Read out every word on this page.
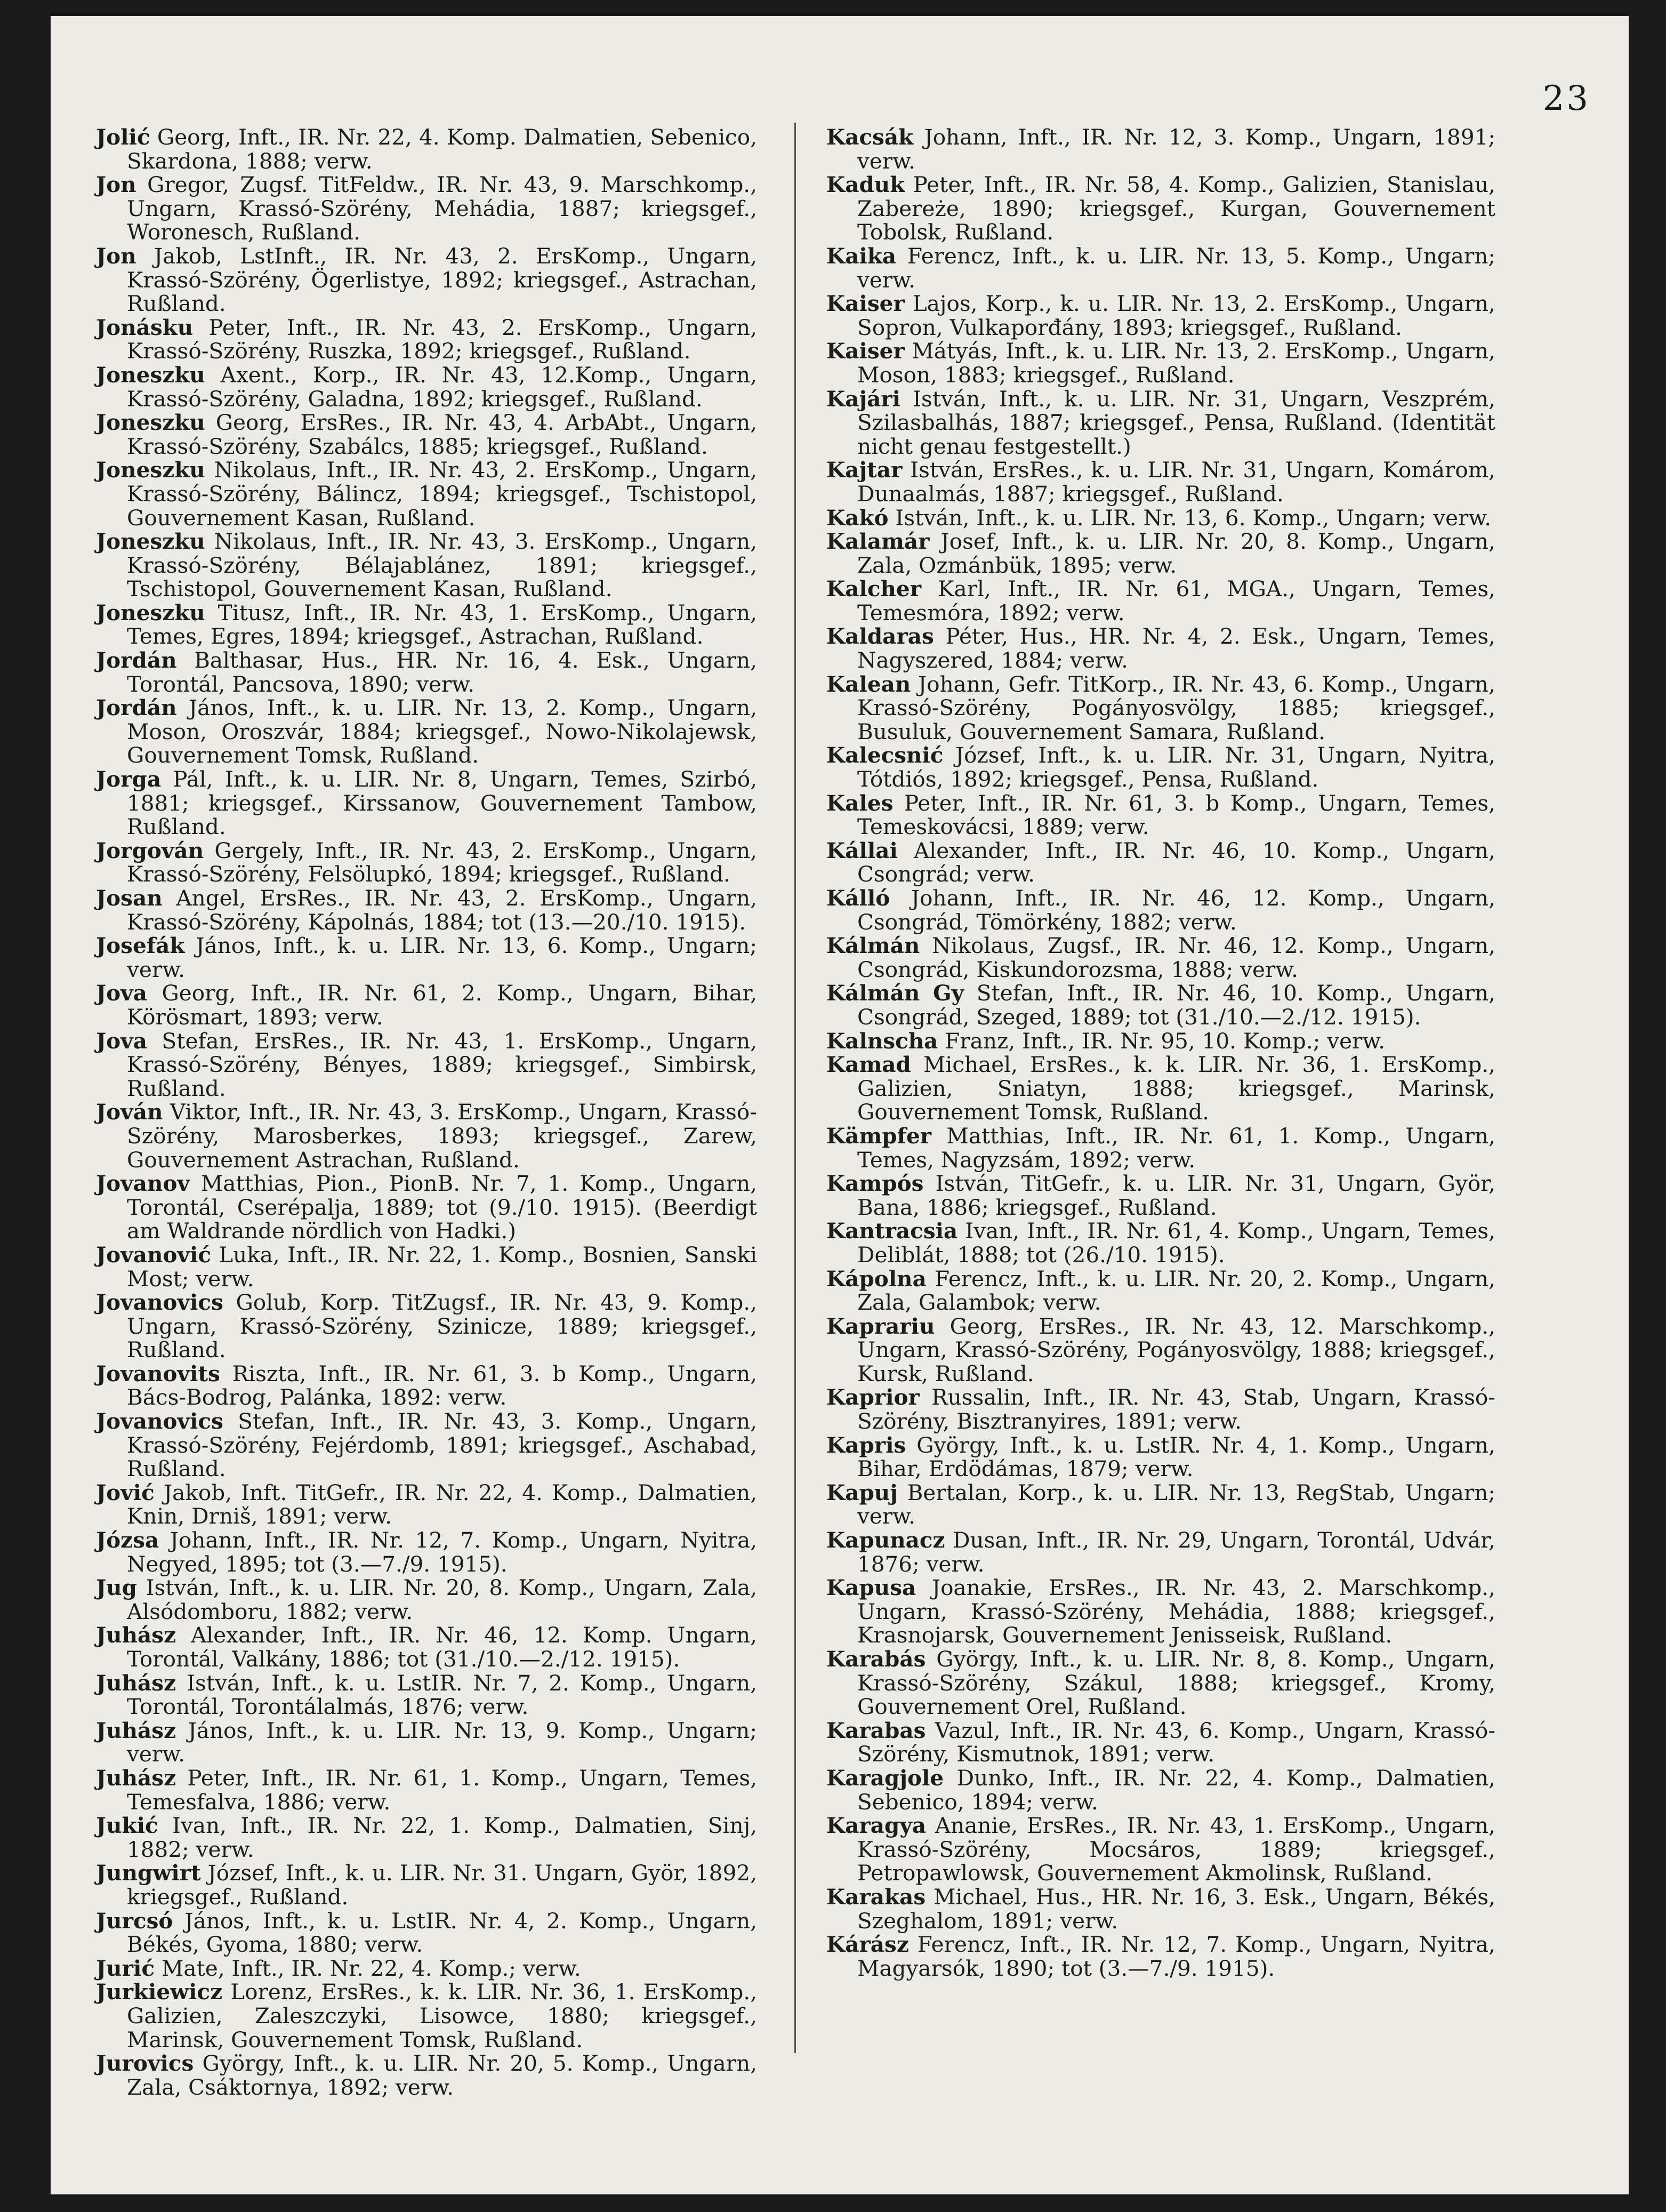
23

Jolić Georg, Inft., IR. Nr. 22, 4. Komp. Dalmatien, Sebenico, Skardona, 1888; verw.

Jon Gregor, Zugsf. TitFeldw., IR. Nr. 43, 9. Marschkomp., Ungarn, Krassó-Szörény, Mehádia, 1887; kriegsgef., Woronesch, Rußland.

Jon Jakob, LstInft., IR. Nr. 43, 2. ErsKomp., Ungarn, Krassó-Szörény, Ögerlistye, 1892; kriegsgef., Astrachan, Rußland.

Jonásku Peter, Inft., IR. Nr. 43, 2. ErsKomp., Ungarn, Krassó-Szörény, Ruszka, 1892; kriegsgef., Rußland.

Joneszku Axent., Korp., IR. Nr. 43, 12.Komp., Ungarn, Krassó-Szörény, Galadna, 1892; kriegsgef., Rußland.

Joneszku Georg, ErsRes., IR. Nr. 43, 4. ArbAbt., Ungarn, Krassó-Szörény, Szabálcs, 1885; kriegsgef., Rußland.

Joneszku Nikolaus, Inft., IR. Nr. 43, 2. ErsKomp., Ungarn, Krassó-Szörény, Bálincz, 1894; kriegsgef., Tschistopol, Gouvernement Kasan, Rußland.

Joneszku Nikolaus, Inft., IR. Nr. 43, 3. ErsKomp., Ungarn, Krassó-Szörény, Bélajablánez, 1891; kriegsgef., Tschistopol, Gouvernement Kasan, Rußland.

Joneszku Titusz, Inft., IR. Nr. 43, 1. ErsKomp., Ungarn, Temes, Egres, 1894; kriegsgef., Astrachan, Rußland.

Jordán Balthasar, Hus., HR. Nr. 16, 4. Esk., Ungarn, Torontál, Pancsova, 1890; verw.

Jordán János, Inft., k. u. LIR. Nr. 13, 2. Komp., Ungarn, Moson, Oroszvár, 1884; kriegsgef., Nowo-Nikolajewsk, Gouvernement Tomsk, Rußland.

Jorga Pál, Inft., k. u. LIR. Nr. 8, Ungarn, Temes, Szirbó, 1881; kriegsgef., Kirssanow, Gouvernement Tambow, Rußland.

Jorgován Gergely, Inft., IR. Nr. 43, 2. ErsKomp., Ungarn, Krassó-Szörény, Felsölupkó, 1894; kriegsgef., Rußland.

Josan Angel, ErsRes., IR. Nr. 43, 2. ErsKomp., Ungarn, Krassó-Szörény, Kápolnás, 1884; tot (13.—20./10. 1915).

Josefák János, Inft., k. u. LIR. Nr. 13, 6. Komp., Ungarn; verw.

Jova Georg, Inft., IR. Nr. 61, 2. Komp., Ungarn, Bihar, Körösmart, 1893; verw.

Jova Stefan, ErsRes., IR. Nr. 43, 1. ErsKomp., Ungarn, Krassó-Szörény, Bényes, 1889; kriegsgef., Simbirsk, Rußland.

Jován Viktor, Inft., IR. Nr. 43, 3. ErsKomp., Ungarn, Krassó-Szörény, Marosberkes, 1893; kriegsgef., Zarew, Gouvernement Astrachan, Rußland.

Jovanov Matthias, Pion., PionB. Nr. 7, 1. Komp., Ungarn, Torontál, Cserépalja, 1889; tot (9./10. 1915). (Beerdigt am Waldrande nördlich von Hadki.)

Jovanović Luka, Inft., IR. Nr. 22, 1. Komp., Bosnien, Sanski Most; verw.

Jovanovics Golub, Korp. TitZugsf., IR. Nr. 43, 9. Komp., Ungarn, Krassó-Szörény, Szinicze, 1889; kriegsgef., Rußland.

Jovanovits Riszta, Inft., IR. Nr. 61, 3. b Komp., Ungarn, Bács-Bodrog, Palánka, 1892: verw.

Jovanovics Stefan, Inft., IR. Nr. 43, 3. Komp., Ungarn, Krassó-Szörény, Fejérdomb, 1891; kriegsgef., Aschabad, Rußland.

Jović Jakob, Inft. TitGefr., IR. Nr. 22, 4. Komp., Dalmatien, Knin, Drniš, 1891; verw.

Józsa Johann, Inft., IR. Nr. 12, 7. Komp., Ungarn, Nyitra, Negyed, 1895; tot (3.—7./9. 1915).

Jug István, Inft., k. u. LIR. Nr. 20, 8. Komp., Ungarn, Zala, Alsódomboru, 1882; verw.

Juhász Alexander, Inft., IR. Nr. 46, 12. Komp. Ungarn, Torontál, Valkány, 1886; tot (31./10.—2./12. 1915).

Juhász István, Inft., k. u. LstIR. Nr. 7, 2. Komp., Ungarn, Torontál, Torontálalmás, 1876; verw.

Juhász János, Inft., k. u. LIR. Nr. 13, 9. Komp., Ungarn; verw.

Juhász Peter, Inft., IR. Nr. 61, 1. Komp., Ungarn, Temes, Temesfalva, 1886; verw.

Jukić Ivan, Inft., IR. Nr. 22, 1. Komp., Dalmatien, Sinj, 1882; verw.

Jungwirt József, Inft., k. u. LIR. Nr. 31. Ungarn, Györ, 1892, kriegsgef., Rußland.

Jurcsó János, Inft., k. u. LstIR. Nr. 4, 2. Komp., Ungarn, Békés, Gyoma, 1880; verw.

Jurić Mate, Inft., IR. Nr. 22, 4. Komp.; verw.

Jurkiewicz Lorenz, ErsRes., k. k. LIR. Nr. 36, 1. ErsKomp., Galizien, Zaleszczyki, Lisowce, 1880; kriegsgef., Marinsk, Gouvernement Tomsk, Rußland.

Jurovics György, Inft., k. u. LIR. Nr. 20, 5. Komp., Ungarn, Zala, Csáktornya, 1892; verw.

Kacsák Johann, Inft., IR. Nr. 12, 3. Komp., Ungarn, 1891; verw.

Kaduk Peter, Inft., IR. Nr. 58, 4. Komp., Galizien, Stanislau, Zabereże, 1890; kriegsgef., Kurgan, Gouvernement Tobolsk, Rußland.

Kaika Ferencz, Inft., k. u. LIR. Nr. 13, 5. Komp., Ungarn; verw.

Kaiser Lajos, Korp., k. u. LIR. Nr. 13, 2. ErsKomp., Ungarn, Sopron, Vulkaporđány, 1893; kriegsgef., Rußland.

Kaiser Mátyás, Inft., k. u. LIR. Nr. 13, 2. ErsKomp., Ungarn, Moson, 1883; kriegsgef., Rußland.

Kajári István, Inft., k. u. LIR. Nr. 31, Ungarn, Veszprém, Szilasbalhás, 1887; kriegsgef., Pensa, Rußland. (Identität nicht genau festgestellt.)

Kajtar István, ErsRes., k. u. LIR. Nr. 31, Ungarn, Komárom, Dunaalmás, 1887; kriegsgef., Rußland.

Kakó István, Inft., k. u. LIR. Nr. 13, 6. Komp., Ungarn; verw.

Kalamár Josef, Inft., k. u. LIR. Nr. 20, 8. Komp., Ungarn, Zala, Ozmánbük, 1895; verw.

Kalcher Karl, Inft., IR. Nr. 61, MGA., Ungarn, Temes, Temesmóra, 1892; verw.

Kaldaras Péter, Hus., HR. Nr. 4, 2. Esk., Ungarn, Temes, Nagyszered, 1884; verw.

Kalean Johann, Gefr. TitKorp., IR. Nr. 43, 6. Komp., Ungarn, Krassó-Szörény, Pogányosvölgy, 1885; kriegsgef., Busuluk, Gouvernement Samara, Rußland.

Kalecsnić József, Inft., k. u. LIR. Nr. 31, Ungarn, Nyitra, Tótdiós, 1892; kriegsgef., Pensa, Rußland.

Kales Peter, Inft., IR. Nr. 61, 3. b Komp., Ungarn, Temes, Temeskovácsi, 1889; verw.

Kállai Alexander, Inft., IR. Nr. 46, 10. Komp., Ungarn, Csongrád; verw.

Kálló Johann, Inft., IR. Nr. 46, 12. Komp., Ungarn, Csongrád, Tömörkény, 1882; verw.

Kálmán Nikolaus, Zugsf., IR. Nr. 46, 12. Komp., Ungarn, Csongrád, Kiskundorozsma, 1888; verw.

Kálmán Gy Stefan, Inft., IR. Nr. 46, 10. Komp., Ungarn, Csongrád, Szeged, 1889; tot (31./10.—2./12. 1915).

Kalnscha Franz, Inft., IR. Nr. 95, 10. Komp.; verw.

Kamad Michael, ErsRes., k. k. LIR. Nr. 36, 1. ErsKomp., Galizien, Sniatyn, 1888; kriegsgef., Marinsk, Gouvernement Tomsk, Rußland.

Kämpfer Matthias, Inft., IR. Nr. 61, 1. Komp., Ungarn, Temes, Nagyzsám, 1892; verw.

Kampós István, TitGefr., k. u. LIR. Nr. 31, Ungarn, Györ, Bana, 1886; kriegsgef., Rußland.

Kantracsia Ivan, Inft., IR. Nr. 61, 4. Komp., Ungarn, Temes, Deliblát, 1888; tot (26./10. 1915).

Kápolna Ferencz, Inft., k. u. LIR. Nr. 20, 2. Komp., Ungarn, Zala, Galambok; verw.

Kaprariu Georg, ErsRes., IR. Nr. 43, 12. Marschkomp., Ungarn, Krassó-Szörény, Pogányosvölgy, 1888; kriegsgef., Kursk, Rußland.

Kaprior Russalin, Inft., IR. Nr. 43, Stab, Ungarn, Krassó-Szörény, Bisztranyires, 1891; verw.

Kapris György, Inft., k. u. LstIR. Nr. 4, 1. Komp., Ungarn, Bihar, Erdödámas, 1879; verw.

Kapuj Bertalan, Korp., k. u. LIR. Nr. 13, RegStab, Ungarn; verw.

Kapunacz Dusan, Inft., IR. Nr. 29, Ungarn, Torontál, Udvár, 1876; verw.

Kapusa Joanakie, ErsRes., IR. Nr. 43, 2. Marschkomp., Ungarn, Krassó-Szörény, Mehádia, 1888; kriegsgef., Krasnojarsk, Gouvernement Jenisseisk, Rußland.

Karabás György, Inft., k. u. LIR. Nr. 8, 8. Komp., Ungarn, Krassó-Szörény, Szákul, 1888; kriegsgef., Kromy, Gouvernement Orel, Rußland.

Karabas Vazul, Inft., IR. Nr. 43, 6. Komp., Ungarn, Krassó-Szörény, Kismutnok, 1891; verw.

Karagjole Dunko, Inft., IR. Nr. 22, 4. Komp., Dalmatien, Sebenico, 1894; verw.

Karagya Ananie, ErsRes., IR. Nr. 43, 1. ErsKomp., Ungarn, Krassó-Szörény, Mocsáros, 1889; kriegsgef., Petropawlowsk, Gouvernement Akmolinsk, Rußland.

Karakas Michael, Hus., HR. Nr. 16, 3. Esk., Ungarn, Békés, Szeghalom, 1891; verw.

Kárász Ferencz, Inft., IR. Nr. 12, 7. Komp., Ungarn, Nyitra, Magyarsók, 1890; tot (3.—7./9. 1915).
